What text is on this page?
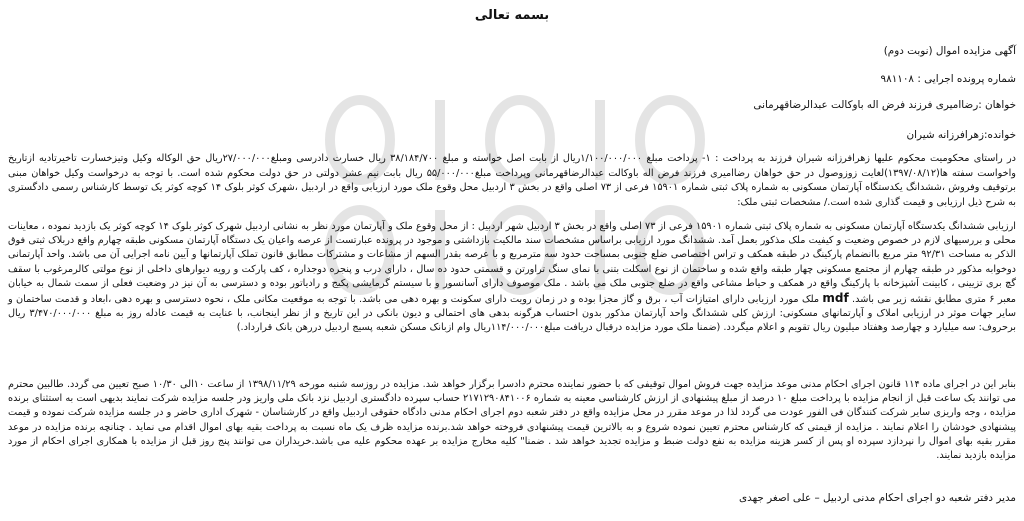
بسمه تعالی
آگهی مزایده اموال (نوبت دوم)
شماره پرونده اجرایی : ۹۸۱۱۰۸
خواهان :رضاامیری فرزند فرض اله باوکالت عبدالرضاقهرمانی
خوانده:زهرافرزانه شیران
در راستای محکومیت محکوم علیها زهرافرزانه شیران فرزند به پرداخت : ۱- پرداخت مبلغ ۱/۱۰۰/۰۰۰/۰۰۰ریال از بابت اصل خواسته و مبلغ ۳۸/۱۸۴/۷۰۰ ریال خسارت دادرسی ومبلغ۲۷/۰۰۰/۰۰۰ریال حق الوکاله وکیل وتیزخسارت تاخیرتادیه ازتاریخ واخواست سفته ها(۱۳۹۷/۰۸/۱۲)لغایت زوزوصول در حق خواهان رضاامیری فرزند فرض اله باوکالت عبدالرضاقهرمانی وپرداخت مبلغ۵۵/۰۰۰/۰۰۰ ریال بابت نیم عشر دولتی در حق دولت محکوم شده است. با توجه به درخواست وکیل خواهان مبنی برتوقیف وفروش ،ششدانگ یکدستگاه آپارتمان مسکونی به شماره پلاک ثبتی شماره ۱۵۹۰۱ فرعی از ۷۳ اصلی واقع در بخش ۳ اردبیل محل وقوع ملک مورد ارزیابی واقع در اردبیل ،شهرک کوثر بلوک ۱۴ کوچه کوثر یک توسط کارشناس رسمی دادگستری به شرح ذیل ارزیابی و قیمت گذاری شده است./ مشخصات ثبتی ملک:
ارزیابی ششدانگ یکدستگاه آپارتمان مسکونی به شماره پلاک ثبتی شماره ۱۵۹۰۱ فرعی از ۷۳ اصلی واقع در بخش ۳ اردبیل شهر اردبیل : از محل وقوع ملک و آپارتمان مورد نظر به نشانی اردبیل شهرک کوثر بلوک ۱۴ کوچه کوثر یک بازدید نموده ، معاینات محلی و بررسیهای لازم در خصوص وضعیت و کیفیت ملک مذکور بعمل آمد. ششدانگ مورد ارزیابی براساس مشخصات سند مالکیت بازداشتی و موجود در پرونده عبارتست از عرصه واعیان یک دستگاه آپارتمان مسکونی طبقه چهارم واقع دربلاک ثبتی فوق الذکر به مساحت ۹۲/۳۱ متر مربع باانضمام پارکینگ در طبقه همکف و تراس اختصاصی ضلع جنوبی بمساحت حدود سه مترمربع و با عرصه بقدر السهم از مشاعات و مشترکات مطابق قانون تملک آپارتمانها و آیین نامه اجرایی آن می باشد. واحد آپارتمانی دوخوابه مذکور در طبقه چهارم از مجتمع مسکونی چهار طبقه واقع شده و ساختمان از نوع اسکلت بتنی با نمای سنگ تراورتن و قسمتی حدود ده سال ، دارای درب و پنجره دوجداره ، کف پارکت و رویه دیوارهای داخلی از نوع مولتی کالرمرغوب با سقف گچ بری تزیینی ، کابینت آشپزخانه با پارکینگ واقع در همکف و حیاط مشاعی واقع در ضلع جنوبی ملک می باشد . ملک موصوف دارای آسانسور و با سیستم گرمایشی پکیج و رادیاتور بوده و دسترسی به آن نیز در وضعیت فعلی از سمت شمال به خیابان معبر ۶ متری مطابق نقشه زیر می باشد. mdf ملک مورد ارزیابی دارای امتیازات آب ، برق و گاز مجزا بوده و در زمان رویت دارای سکونت و بهره دهی می باشد. با توجه به موقعیت مکانی ملک ، نحوه دسترسی و بهره دهی ،ابعاد و قدمت ساختمان و سایر جهات موثر در ارزیابی املاک و آپارتمانهای مسکونی: ارزش کلی ششدانگ واحد آپارتمان مذکور بدون احتساب هرگونه بدهی های احتمالی و دیون بانکی در این تاریخ و از نظر اینجانب، با عنایت به قیمت عادله روز به مبلغ ۳/۴۷۰/۰۰۰/۰۰۰ ریال برحروف: سه میلیارد و چهارصد وهفتاد میلیون ریال تقویم و اعلام میگردد. (ضمنا ملک مورد مزایده درقبال دریافت مبلغ۱۱۴/۰۰۰/۰۰۰ریال وام ازبانک مسکن شعبه پسیج اردبیل دررهن بانک قرارداد.)
بنابر این در اجرای ماده ۱۱۴ قانون اجرای احکام مدنی موعد مزایده جهت فروش اموال توقیفی که با حضور نماینده محترم دادسرا برگزار خواهد شد. مزایده در روزسه شنبه مورخه ۱۳۹۸/۱۱/۲۹ از ساعت ۱۰الی ۱۰/۳۰ صبح تعیین می گردد. طالبین محترم می توانند یک ساعت قبل از انجام مزایده با پرداخت مبلغ ۱۰ درصد از مبلغ پیشنهادی از ارزش کارشناسی معینه به شماره ۲۱۷۱۲۹۰۸۴۱۰۰۶ حساب سپرده دادگستری اردبیل نزد بانک ملی واریز ودر جلسه مزایده شرکت نمایند بدیهی است به استثنای برنده مزایده ، وجه واریزی سایر شرکت کنندگان فی الفور عودت می گردد لذا در موعد مقرر در محل مزایده واقع در دفتر شعبه دوم اجرای احکام مدنی دادگاه حقوقی اردبیل واقع در کارشناسان - شهرک اداری حاضر و در جلسه مزایده شرکت نموده و قیمت پیشنهادی خودشان را اعلام نمایند . مزایده از قیمتی که کارشناس محترم تعیین نموده شروع و به بالاترین قیمت پیشنهادی فروخته خواهد شد.برنده مزایده ظرف یک ماه نسبت به پرداخت بقیه بهای اموال اقدام می نماید . چنانچه برنده مزایده در موعد مقرر بقیه بهای اموال را نپردازد سپرده او پس از کسر هزینه مزایده به نفع دولت ضبط و مزایده تجدید خواهد شد . ضمنا" کلیه مخارج مزایده بر عهده محکوم علیه می باشد.خریداران می توانند پنج روز قبل از مزایده با همکاری اجرای احکام از مورد مزایده بازدید نمایند.
مدیر دفتر شعبه دو اجرای احکام مدنی اردبیل – علی اصغر جهدی
